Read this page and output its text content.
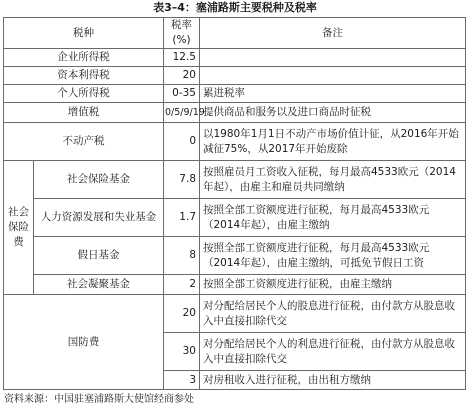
表3–4：塞浦路斯主要税种及税率
税种		税率(%)	备注
企业所得税		12.5	
资本利得税		20	
个人所得税		0-35	累进税率
增值税		0/5/9/19	提供商品和服务以及进口商品时征税
不动产税		0	以1980年1月1日不动产市场价值计征，从2016年开始减征75%，从2017年开始废除
社会保险费	社会保险基金	7.8	按照雇员月工资收入征税，每月最高4533欧元（2014年起），由雇主和雇员共同缴纳
	人力资源发展和失业基金	1.7	按照全部工资额度进行征税，每月最高4533欧元（2014年起），由雇主缴纳
	假日基金	8	按照全部工资额度进行征税，每月最高4533欧元（2014年起），由雇主缴纳，可抵免节假日工资
	社会凝聚基金	2	按照全部工资额度进行征税，由雇主缴纳
国防费		20	对分配给居民个人的股息进行征税，由付款方从股息收入中直接扣除代交
		30	对分配给居民个人的利息进行征税，由付款方从股息收入中直接扣除代交
		3	对房租收入进行征税，由出租方缴纳
资料来源：中国驻塞浦路斯大使馆经商参处
